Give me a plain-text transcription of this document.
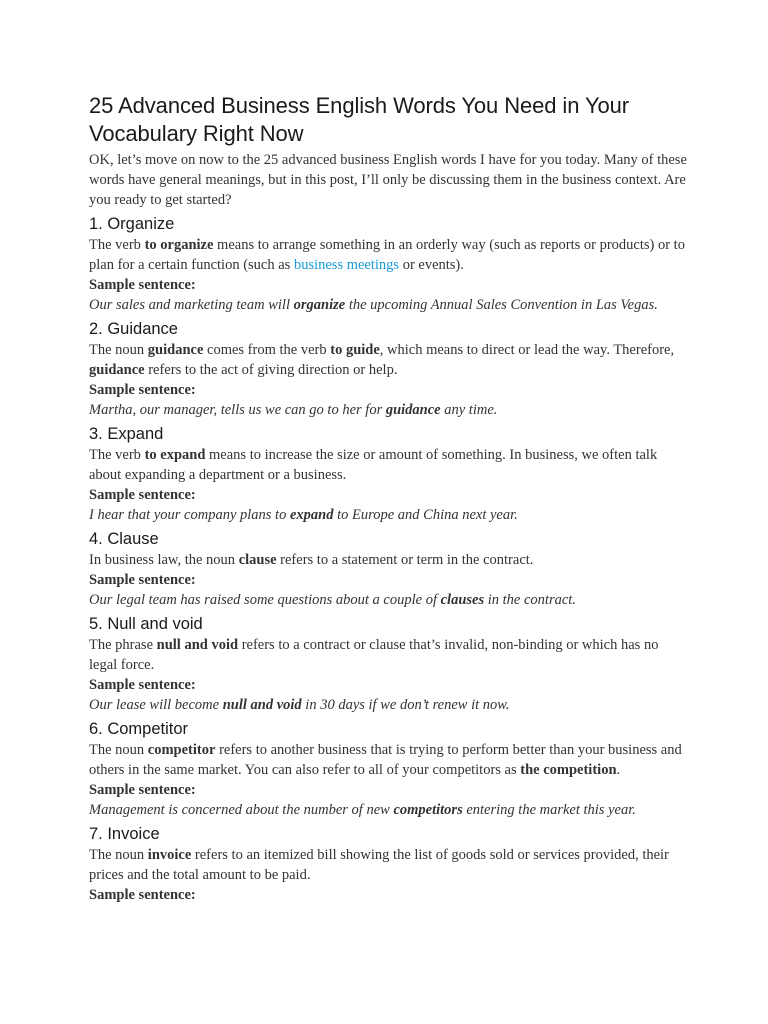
25 Advanced Business English Words You Need in Your Vocabulary Right Now

OK, let’s move on now to the 25 advanced business English words I have for you today. Many of these words have general meanings, but in this post, I’ll only be discussing them in the business context. Are you ready to get started?

1. Organize

The verb to organize means to arrange something in an orderly way (such as reports or products) or to plan for a certain function (such as business meetings or events).

Sample sentence:

Our sales and marketing team will organize the upcoming Annual Sales Convention in Las Vegas.

2. Guidance

The noun guidance comes from the verb to guide, which means to direct or lead the way. Therefore, guidance refers to the act of giving direction or help.

Sample sentence:

Martha, our manager, tells us we can go to her for guidance any time.

3. Expand

The verb to expand means to increase the size or amount of something. In business, we often talk about expanding a department or a business.

Sample sentence:

I hear that your company plans to expand to Europe and China next year.

4. Clause

In business law, the noun clause refers to a statement or term in the contract.

Sample sentence:

Our legal team has raised some questions about a couple of clauses in the contract.

5. Null and void

The phrase null and void refers to a contract or clause that’s invalid, non-binding or which has no legal force.

Sample sentence:

Our lease will become null and void in 30 days if we don’t renew it now.

6. Competitor

The noun competitor refers to another business that is trying to perform better than your business and others in the same market. You can also refer to all of your competitors as the competition.

Sample sentence:

Management is concerned about the number of new competitors entering the market this year.

7. Invoice

The noun invoice refers to an itemized bill showing the list of goods sold or services provided, their prices and the total amount to be paid.

Sample sentence:
